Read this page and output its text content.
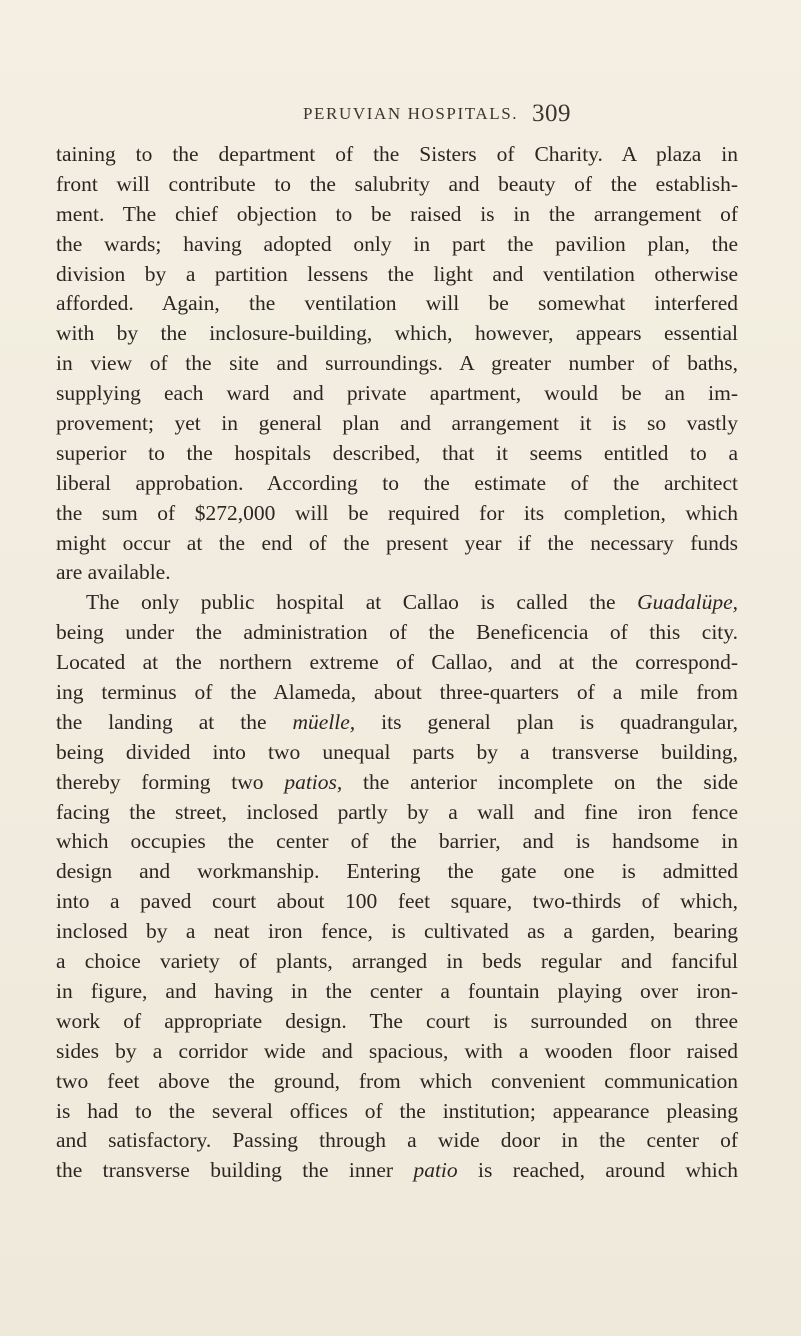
PERUVIAN HOSPITALS. 309
taining to the department of the Sisters of Charity. A plaza in
front will contribute to the salubrity and beauty of the establish-
ment. The chief objection to be raised is in the arrangement of
the wards; having adopted only in part the pavilion plan, the
division by a partition lessens the light and ventilation otherwise
afforded. Again, the ventilation will be somewhat interfered
with by the inclosure-building, which, however, appears essential
in view of the site and surroundings. A greater number of baths,
supplying each ward and private apartment, would be an im-
provement; yet in general plan and arrangement it is so vastly
superior to the hospitals described, that it seems entitled to a
liberal approbation. According to the estimate of the architect
the sum of $272,000 will be required for its completion, which
might occur at the end of the present year if the necessary funds
are available.
The only public hospital at Callao is called the Guadalüpe,
being under the administration of the Beneficencia of this city.
Located at the northern extreme of Callao, and at the correspond-
ing terminus of the Alameda, about three-quarters of a mile from
the landing at the müelle, its general plan is quadrangular,
being divided into two unequal parts by a transverse building,
thereby forming two patios, the anterior incomplete on the side
facing the street, inclosed partly by a wall and fine iron fence
which occupies the center of the barrier, and is handsome in
design and workmanship. Entering the gate one is admitted
into a paved court about 100 feet square, two-thirds of which,
inclosed by a neat iron fence, is cultivated as a garden, bearing
a choice variety of plants, arranged in beds regular and fanciful
in figure, and having in the center a fountain playing over iron-
work of appropriate design. The court is surrounded on three
sides by a corridor wide and spacious, with a wooden floor raised
two feet above the ground, from which convenient communication
is had to the several offices of the institution; appearance pleasing
and satisfactory. Passing through a wide door in the center of
the transverse building the inner patio is reached, around which
